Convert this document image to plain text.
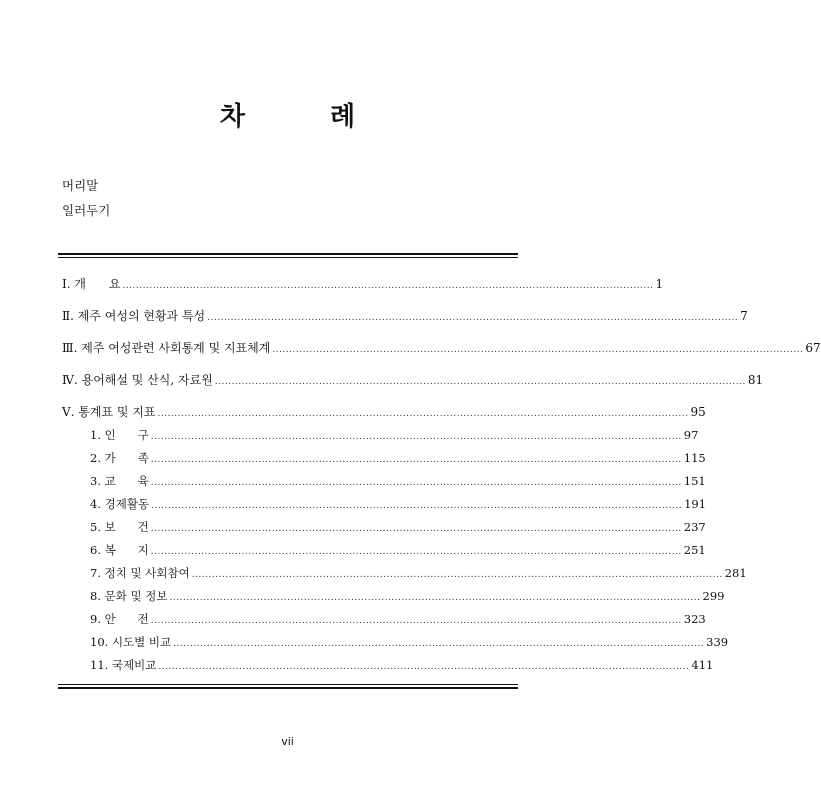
차 례
머리말
일러두기
Ⅰ. 개      요 .............................................................................................................................................................. 1
Ⅱ. 제주 여성의 현황과 특성 .............................................................................................................................................................. 7
Ⅲ. 제주 여성관련 사회통계 및 지표체계 .............................................................................................................................................................. 67
Ⅳ. 용어해설 및 산식, 자료원 .............................................................................................................................................................. 81
Ⅴ. 통계표 및 지표 .............................................................................................................................................................. 95
1. 인      구 .............................................................................................................................................................. 97
2. 가      족 .............................................................................................................................................................. 115
3. 교      육 .............................................................................................................................................................. 151
4. 경제활동 .............................................................................................................................................................. 191
5. 보      건 .............................................................................................................................................................. 237
6. 복      지 .............................................................................................................................................................. 251
7. 정치 및 사회참여 .............................................................................................................................................................. 281
8. 문화 및 정보 .............................................................................................................................................................. 299
9. 안      전 .............................................................................................................................................................. 323
10. 시도별 비교 .............................................................................................................................................................. 339
11. 국제비교 .............................................................................................................................................................. 411
vii
